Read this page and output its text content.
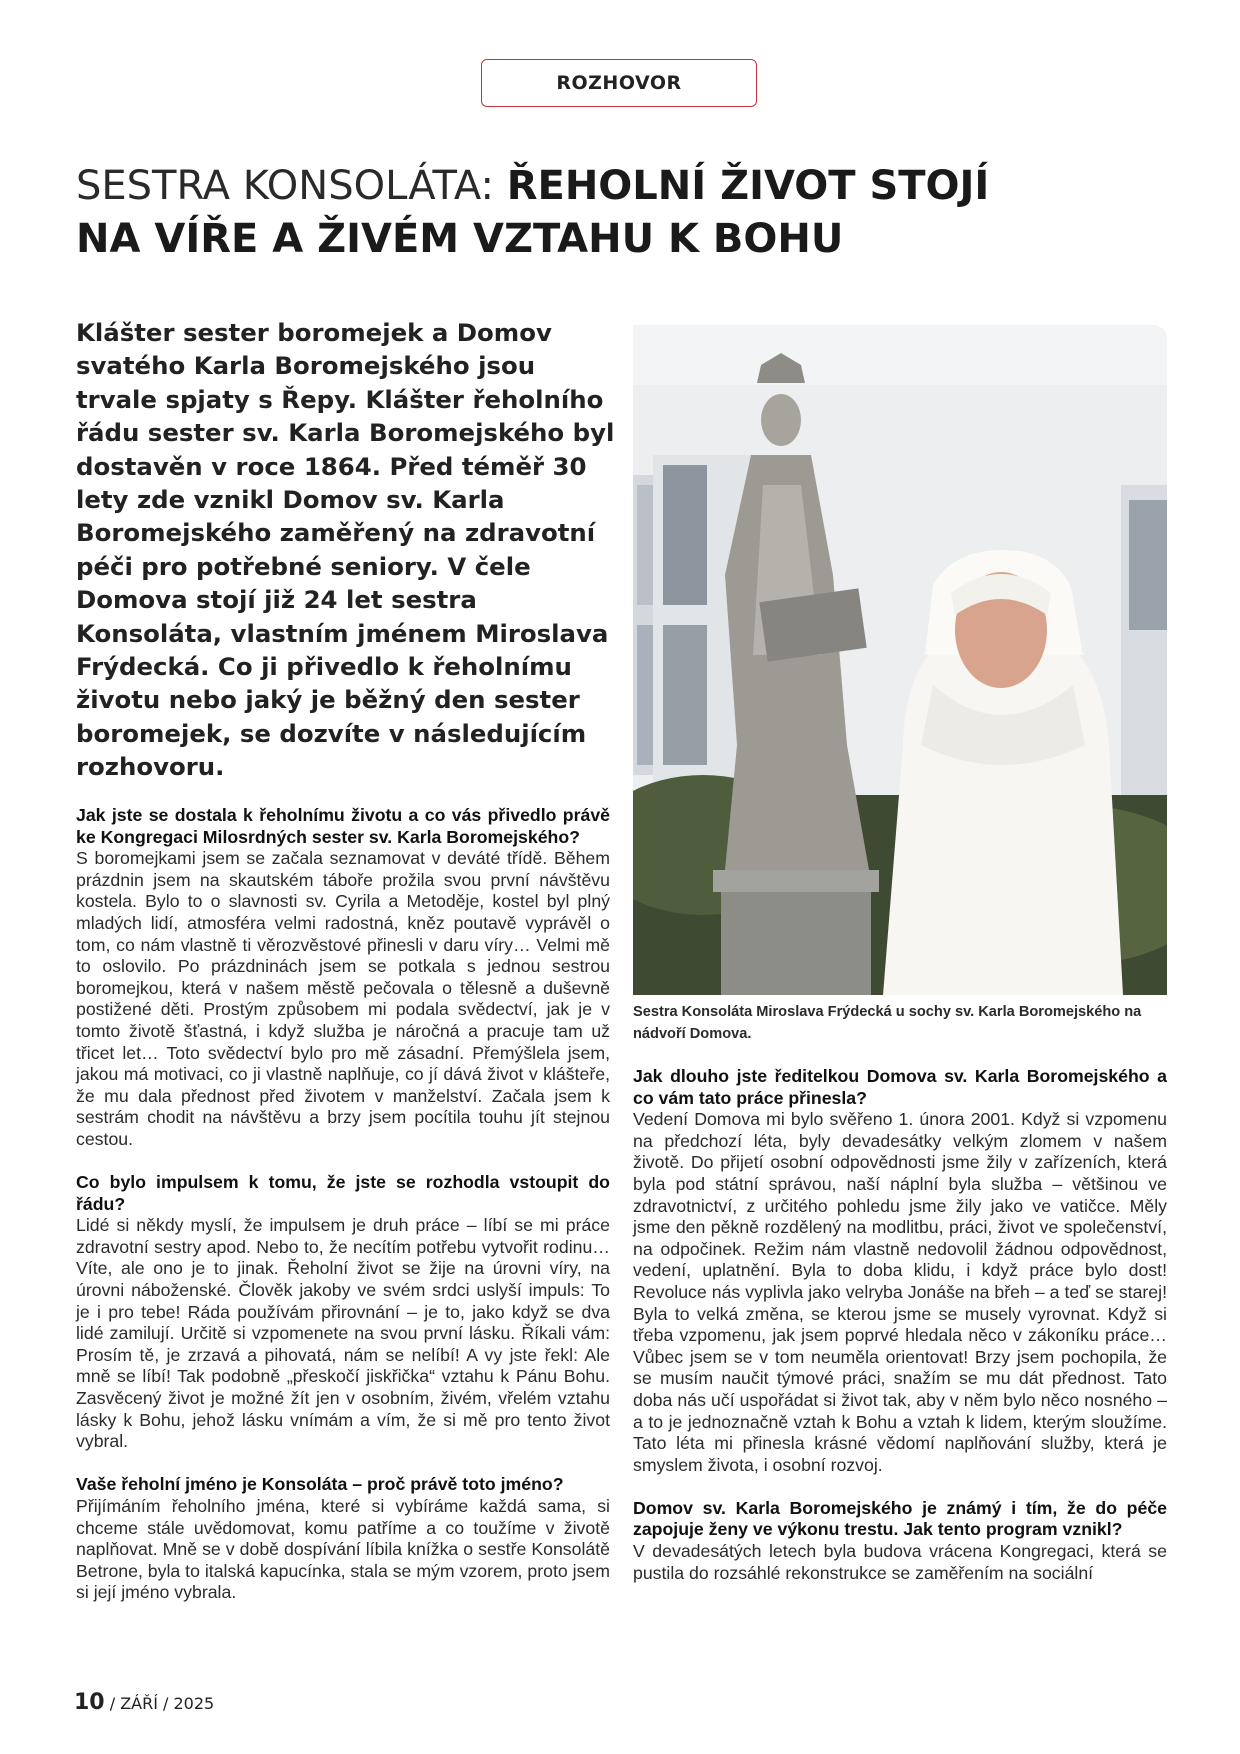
ROZHOVOR
SESTRA KONSOLÁTA: ŘEHOLNÍ ŽIVOT STOJÍ
NA VÍŘE A ŽIVÉM VZTAHU K BOHU

Klášter sester boromejek a Domov svatého Karla Boromejského jsou trvale spjaty s Řepy. Klášter řeholního řádu sester sv. Karla Boromejského byl dostavěn v roce 1864. Před téměř 30 lety zde vznikl Domov sv. Karla Boromejského zaměřený na zdravotní péči pro potřebné seniory. V čele Domova stojí již 24 let sestra Konsoláta, vlastním jménem Miroslava Frýdecká. Co ji přivedlo k řeholnímu životu nebo jaký je běžný den sester boromejek, se dozvíte v následujícím rozhovoru.

Sestra Konsoláta Miroslava Frýdecká u sochy sv. Karla Boromejského na nádvoří Domova.

Jak jste se dostala k řeholnímu životu a co vás přivedlo právě ke Kongregaci Milosrdných sester sv. Karla Boromejského?

S boromejkami jsem se začala seznamovat v deváté třídě. Během prázdnin jsem na skautském táboře prožila svou první návštěvu kostela. Bylo to o slavnosti sv. Cyrila a Metoděje, kostel byl plný mladých lidí, atmosféra velmi radostná, kněz poutavě vyprávěl o tom, co nám vlastně ti věrozvěstové přinesli v daru víry… Velmi mě to oslovilo. Po prázdninách jsem se potkala s jednou sestrou boromejkou, která v našem městě pečovala o tělesně a duševně postižené děti. Prostým způsobem mi podala svědectví, jak je v tomto životě šťastná, i když služba je náročná a pracuje tam už třicet let… Toto svědectví bylo pro mě zásadní. Přemýšlela jsem, jakou má motivaci, co ji vlastně naplňuje, co jí dává život v klášteře, že mu dala přednost před životem v manželství. Začala jsem k sestrám chodit na návštěvu a brzy jsem pocítila touhu jít stejnou cestou.

Co bylo impulsem k tomu, že jste se rozhodla vstoupit do řádu?

Lidé si někdy myslí, že impulsem je druh práce – líbí se mi práce zdravotní sestry apod. Nebo to, že necítím potřebu vytvořit rodinu… Víte, ale ono je to jinak. Řeholní život se žije na úrovni víry, na úrovni náboženské. Člověk jakoby ve svém srdci uslyší impuls: To je i pro tebe! Ráda používám přirovnání – je to, jako když se dva lidé zamilují. Určitě si vzpomenete na svou první lásku. Říkali vám: Prosím tě, je zrzavá a pihovatá, nám se nelíbí! A vy jste řekl: Ale mně se líbí! Tak podobně „přeskočí jiskřička“ vztahu k Pánu Bohu. Zasvěcený život je možné žít jen v osobním, živém, vřelém vztahu lásky k Bohu, jehož lásku vnímám a vím, že si mě pro tento život vybral.

Vaše řeholní jméno je Konsoláta – proč právě toto jméno?

Přijímáním řeholního jména, které si vybíráme každá sama, si chceme stále uvědomovat, komu patříme a co toužíme v životě naplňovat. Mně se v době dospívání líbila knížka o sestře Konsolátě Betrone, byla to italská kapucínka, stala se mým vzorem, proto jsem si její jméno vybrala.

Jak dlouho jste ředitelkou Domova sv. Karla Boromejského a co vám tato práce přinesla?

Vedení Domova mi bylo svěřeno 1. února 2001. Když si vzpomenu na předchozí léta, byly devadesátky velkým zlomem v našem životě. Do přijetí osobní odpovědnosti jsme žily v zařízeních, která byla pod státní správou, naší náplní byla služba – většinou ve zdravotnictví, z určitého pohledu jsme žily jako ve vatičce. Měly jsme den pěkně rozdělený na modlitbu, práci, život ve společenství, na odpočinek. Režim nám vlastně nedovolil žádnou odpovědnost, vedení, uplatnění. Byla to doba klidu, i když práce bylo dost! Revoluce nás vyplivla jako velryba Jonáše na břeh – a teď se starej! Byla to velká změna, se kterou jsme se musely vyrovnat. Když si třeba vzpomenu, jak jsem poprvé hledala něco v zákoníku práce… Vůbec jsem se v tom neuměla orientovat! Brzy jsem pochopila, že se musím naučit týmové práci, snažím se mu dát přednost. Tato doba nás učí uspořádat si život tak, aby v něm bylo něco nosného – a to je jednoznačně vztah k Bohu a vztah k lidem, kterým sloužíme. Tato léta mi přinesla krásné vědomí naplňování služby, která je smyslem života, i osobní rozvoj.

Domov sv. Karla Boromejského je známý i tím, že do péče zapojuje ženy ve výkonu trestu. Jak tento program vznikl?

V devadesátých letech byla budova vrácena Kongregaci, která se pustila do rozsáhlé rekonstrukce se zaměřením na sociální

10 / ZÁŘÍ / 2025
